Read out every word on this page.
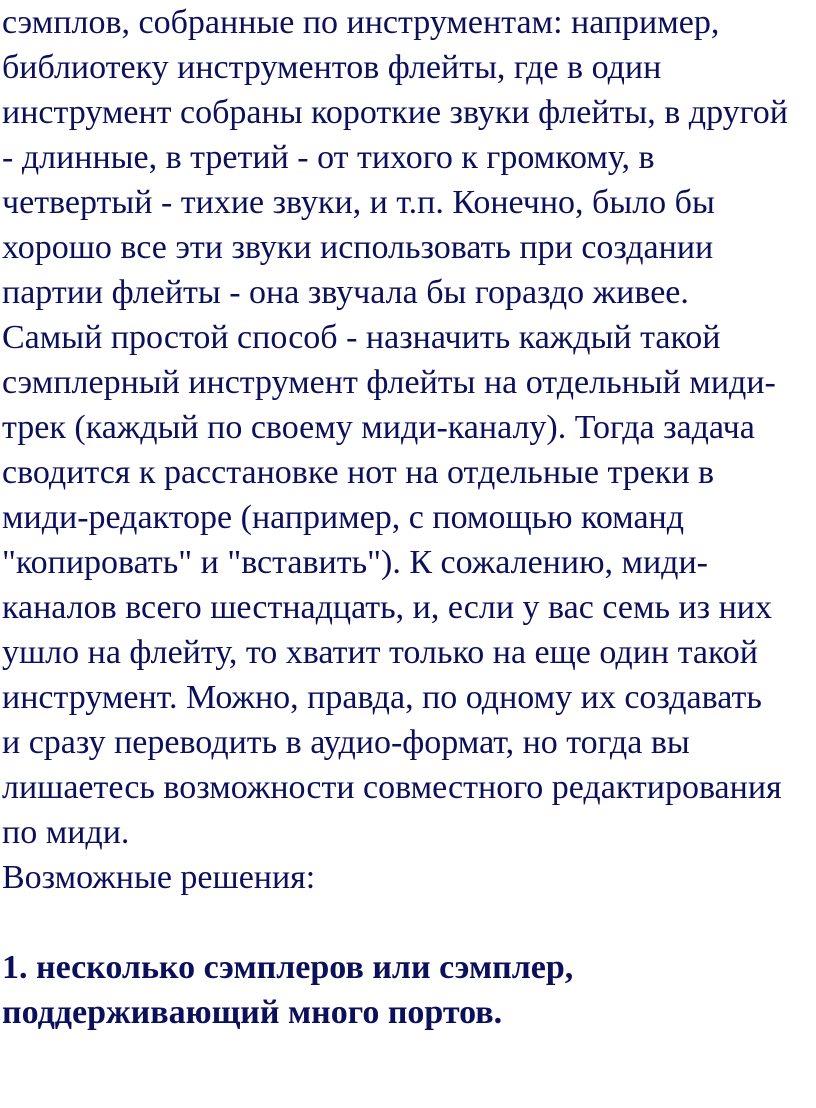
сэмплов, собранные по инструментам: например,
библиотеку инструментов флейты, где в один
инструмент собраны короткие звуки флейты, в другой
- длинные, в третий - от тихого к громкому, в
четвертый - тихие звуки, и т.п. Конечно, было бы
хорошо все эти звуки использовать при создании
партии флейты - она звучала бы гораздо живее.
Самый простой способ - назначить каждый такой
сэмплерный инструмент флейты на отдельный миди-
трек (каждый по своему миди-каналу). Тогда задача
сводится к расстановке нот на отдельные треки в
миди-редакторе (например, с помощью команд
"копировать" и "вставить"). К сожалению, миди-
каналов всего шестнадцать, и, если у вас семь из них
ушло на флейту, то хватит только на еще один такой
инструмент. Можно, правда, по одному их создавать
и сразу переводить в аудио-формат, но тогда вы
лишаетесь возможности совместного редактирования
по миди.
Возможные решения:
1. несколько сэмплеров или сэмплер,
поддерживающий много портов.
